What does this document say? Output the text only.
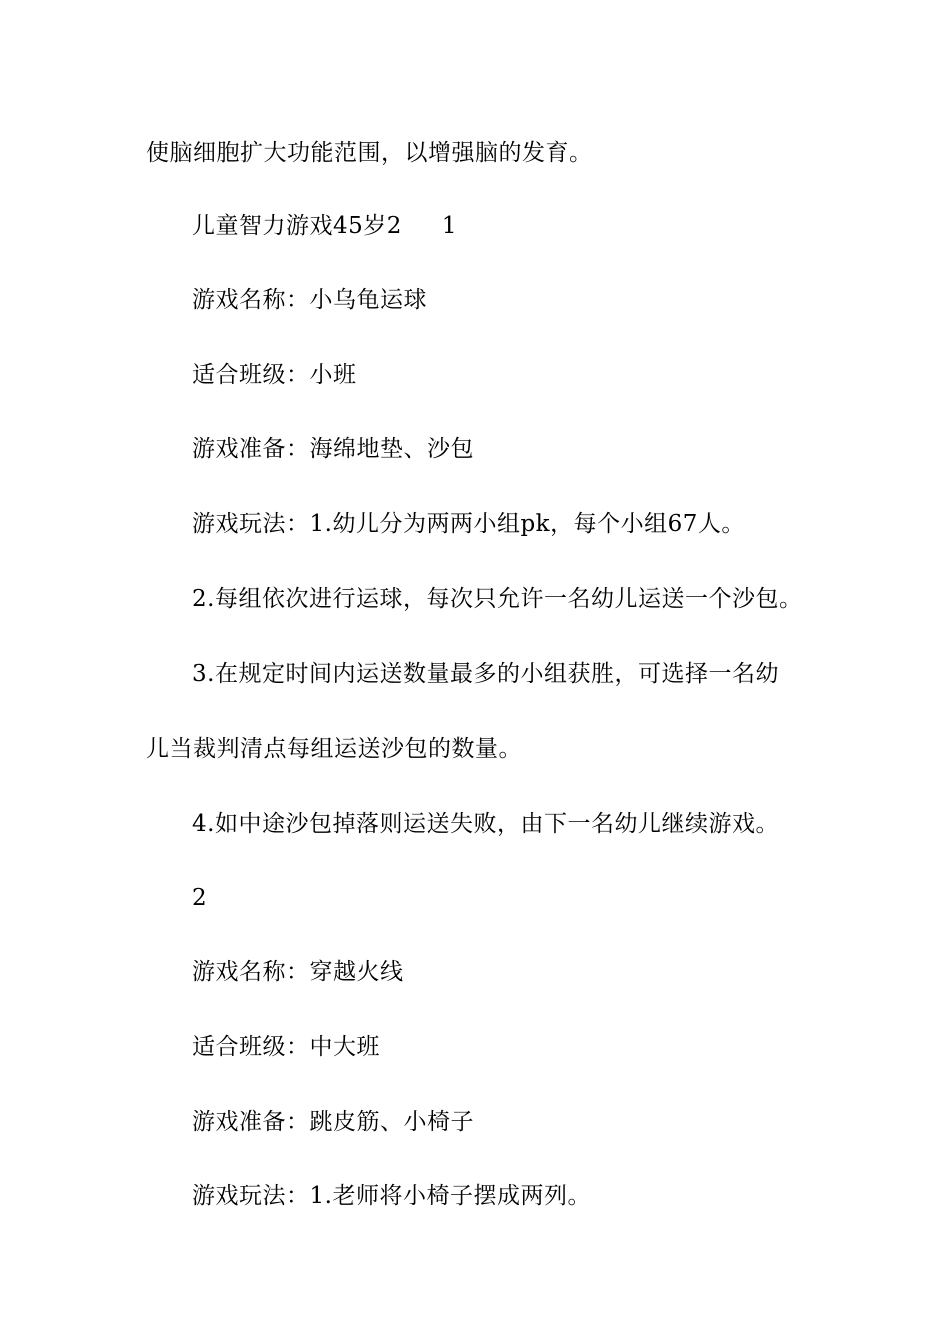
使脑细胞扩大功能范围，以增强脑的发育。
儿童智力游戏45岁2 1
游戏名称：小乌龟运球
适合班级：小班
游戏准备：海绵地垫、沙包
游戏玩法：1.幼儿分为两两小组pk，每个小组67人。
2.每组依次进行运球，每次只允许一名幼儿运送一个沙包。
3.在规定时间内运送数量最多的小组获胜，可选择一名幼
儿当裁判清点每组运送沙包的数量。
4.如中途沙包掉落则运送失败，由下一名幼儿继续游戏。
2
游戏名称：穿越火线
适合班级：中大班
游戏准备：跳皮筋、小椅子
游戏玩法：1.老师将小椅子摆成两列。
